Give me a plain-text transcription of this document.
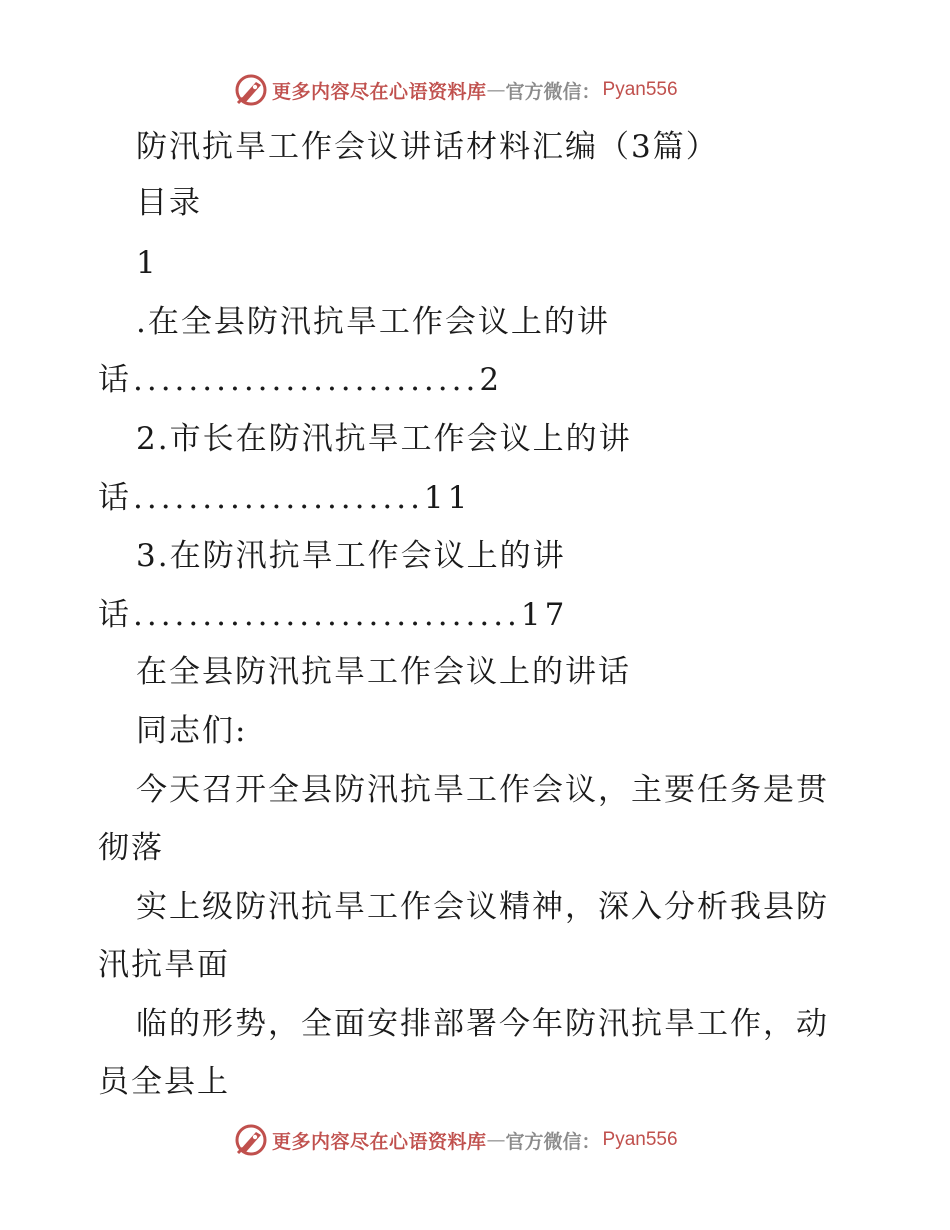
更多内容尽在心语资料库 — 官方微信： Pyan556
防汛抗旱工作会议讲话材料汇编（3篇）
目录
1
.在全县防汛抗旱工作会议上的讲
话.........................2
2.市长在防汛抗旱工作会议上的讲
话.....................11
3.在防汛抗旱工作会议上的讲
话............................17
在全县防汛抗旱工作会议上的讲话
同志们:
今天召开全县防汛抗旱工作会议，主要任务是贯
彻落
实上级防汛抗旱工作会议精神，深入分析我县防
汛抗旱面
临的形势，全面安排部署今年防汛抗旱工作，动
员全县上
更多内容尽在心语资料库 — 官方微信： Pyan556
